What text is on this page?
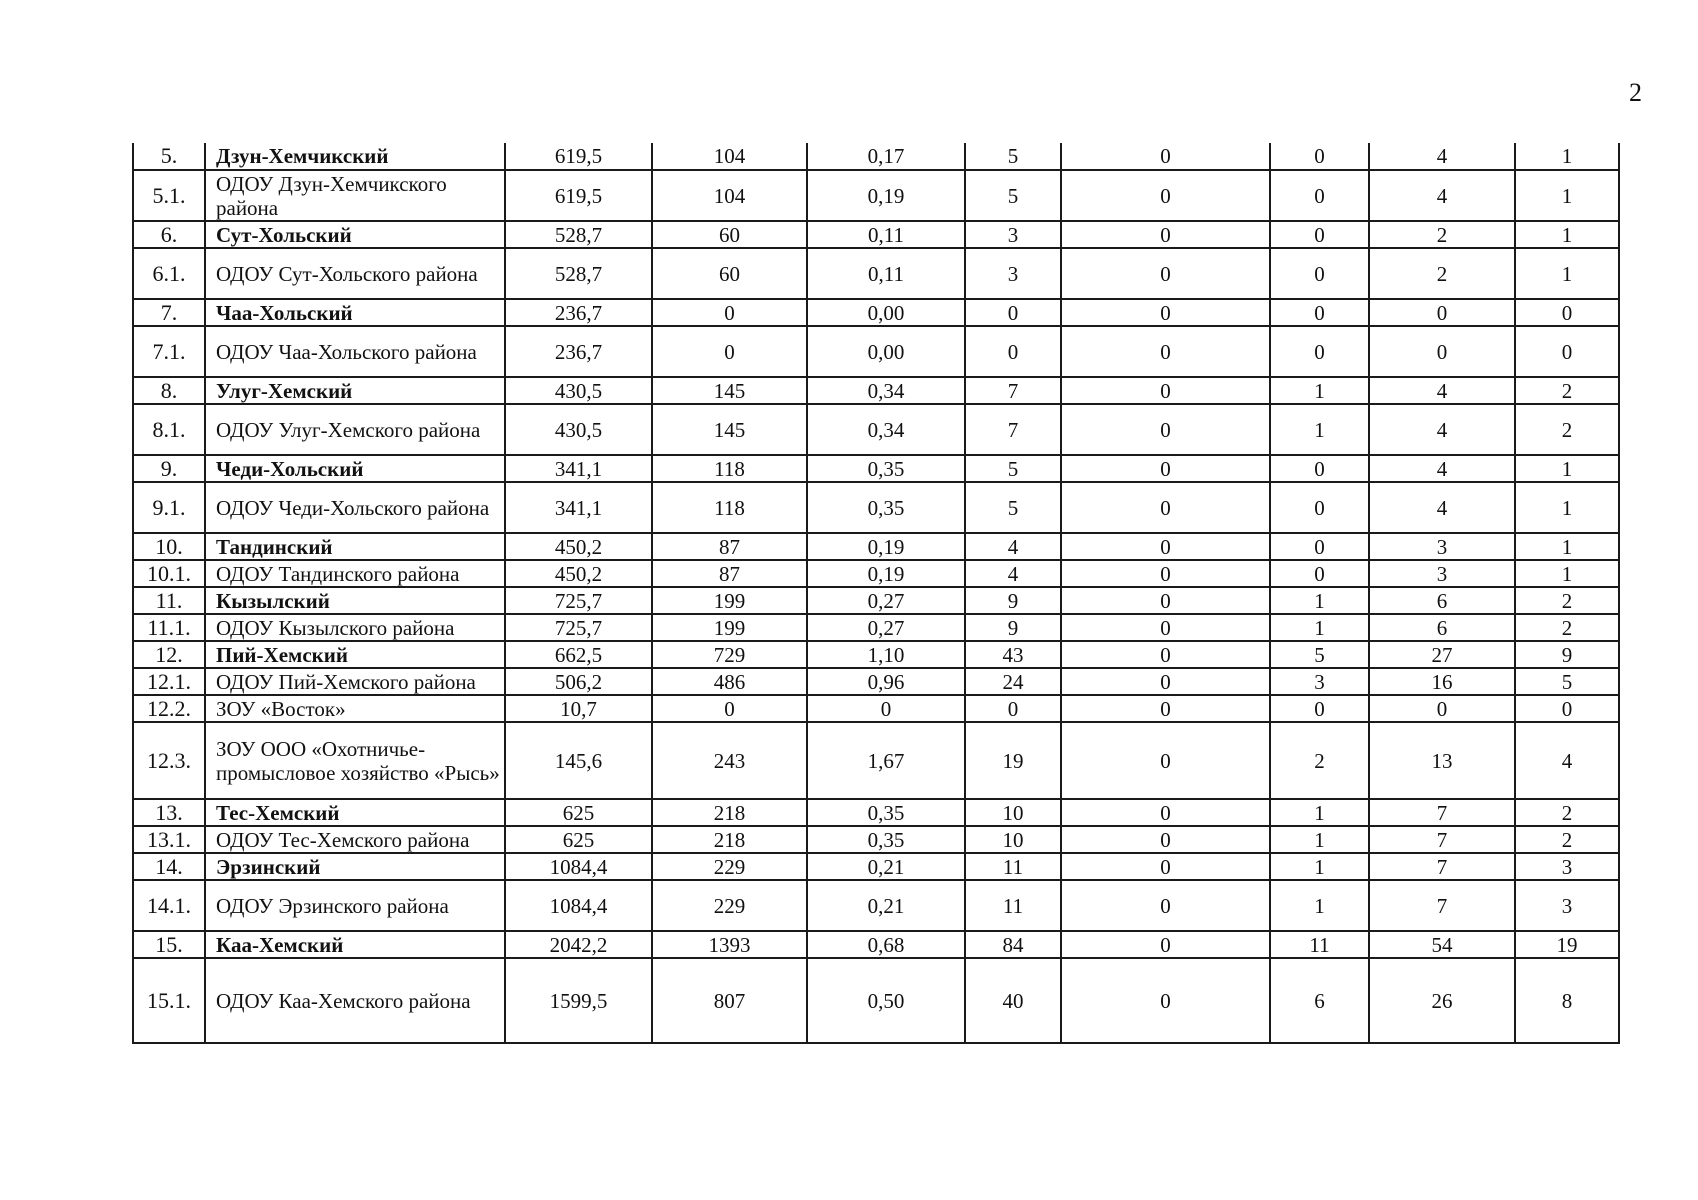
2
5.	Дзун-Хемчикский	619,5	104	0,17	5	0	0	4	1
5.1.	ОДОУ Дзун-Хемчикского района	619,5	104	0,19	5	0	0	4	1
6.	Сут-Хольский	528,7	60	0,11	3	0	0	2	1
6.1.	ОДОУ Сут-Хольского района	528,7	60	0,11	3	0	0	2	1
7.	Чаа-Хольский	236,7	0	0,00	0	0	0	0	0
7.1.	ОДОУ Чаа-Хольского района	236,7	0	0,00	0	0	0	0	0
8.	Улуг-Хемский	430,5	145	0,34	7	0	1	4	2
8.1.	ОДОУ Улуг-Хемского района	430,5	145	0,34	7	0	1	4	2
9.	Чеди-Хольский	341,1	118	0,35	5	0	0	4	1
9.1.	ОДОУ Чеди-Хольского района	341,1	118	0,35	5	0	0	4	1
10.	Тандинский	450,2	87	0,19	4	0	0	3	1
10.1.	ОДОУ Тандинского района	450,2	87	0,19	4	0	0	3	1
11.	Кызылский	725,7	199	0,27	9	0	1	6	2
11.1.	ОДОУ Кызылского района	725,7	199	0,27	9	0	1	6	2
12.	Пий-Хемский	662,5	729	1,10	43	0	5	27	9
12.1.	ОДОУ Пий-Хемского района	506,2	486	0,96	24	0	3	16	5
12.2.	ЗОУ «Восток»	10,7	0	0	0	0	0	0	0
12.3.	ЗОУ ООО «Охотничье-промысловое хозяйство «Рысь»	145,6	243	1,67	19	0	2	13	4
13.	Тес-Хемский	625	218	0,35	10	0	1	7	2
13.1.	ОДОУ Тес-Хемского района	625	218	0,35	10	0	1	7	2
14.	Эрзинский	1084,4	229	0,21	11	0	1	7	3
14.1.	ОДОУ Эрзинского района	1084,4	229	0,21	11	0	1	7	3
15.	Каа-Хемский	2042,2	1393	0,68	84	0	11	54	19
15.1.	ОДОУ Каа-Хемского района	1599,5	807	0,50	40	0	6	26	8
